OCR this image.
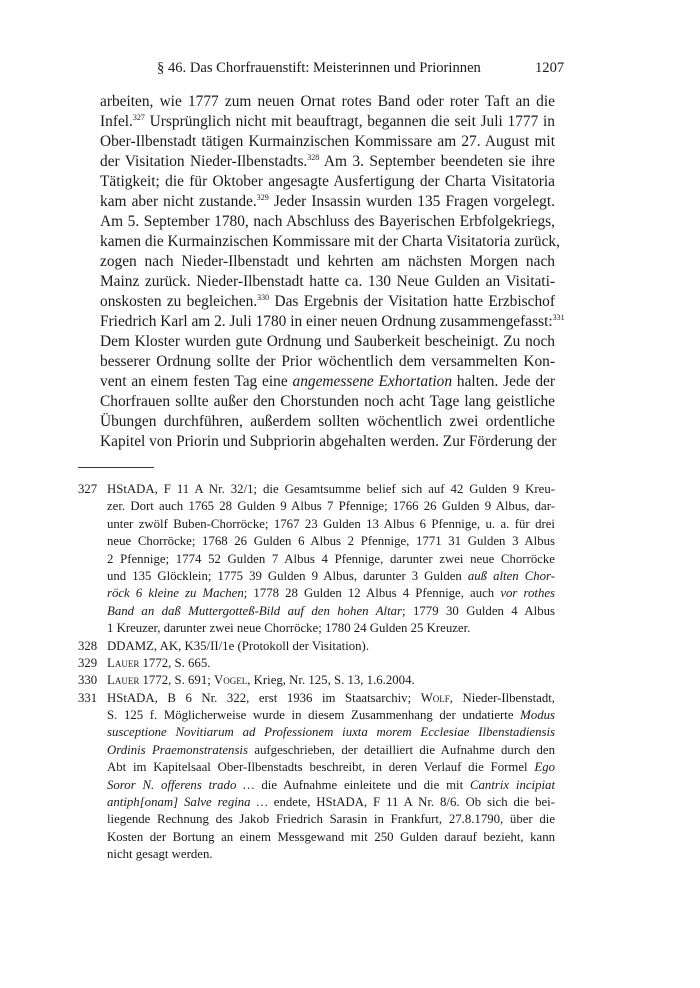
§ 46. Das Chorfrauenstift: Meisterinnen und Priorinnen	1207
arbeiten, wie 1777 zum neuen Ornat rotes Band oder roter Taft an die
Infel.$^{327}$ Ursprünglich nicht mit beauftragt, begannen die seit Juli 1777 in
Ober-Ilbenstadt tätigen Kurmainzischen Kommissare am 27. August mit
der Visitation Nieder-Ilbenstadts.$^{328}$ Am 3. September beendeten sie ihre
Tätigkeit; die für Oktober angesagte Ausfertigung der Charta Visitatoria
kam aber nicht zustande.$^{329}$ Jeder Insassin wurden 135 Fragen vorgelegt.
Am 5. September 1780, nach Abschluss des Bayerischen Erbfolgekriegs,
kamen die Kurmainzischen Kommissare mit der Charta Visitatoria zurück,
zogen nach Nieder-Ilbenstadt und kehrten am nächsten Morgen nach
Mainz zurück. Nieder-Ilbenstadt hatte ca. 130 Neue Gulden an Visitati-
onskosten zu begleichen.$^{330}$ Das Ergebnis der Visitation hatte Erzbischof
Friedrich Karl am 2. Juli 1780 in einer neuen Ordnung zusammengefasst:$^{331}$
Dem Kloster wurden gute Ordnung und Sauberkeit bescheinigt. Zu noch
besserer Ordnung sollte der Prior wöchentlich dem versammelten Kon-
vent an einem festen Tag eine angemessene Exhortation halten. Jede der
Chorfrauen sollte außer den Chorstunden noch acht Tage lang geistliche
Übungen durchführen, außerdem sollten wöchentlich zwei ordentliche
Kapitel von Priorin und Subpriorin abgehalten werden. Zur Förderung der
327 HStADA, F 11 A Nr. 32/1; die Gesamtsumme belief sich auf 42 Gulden 9 Kreu-
zer. Dort auch 1765 28 Gulden 9 Albus 7 Pfennige; 1766 26 Gulden 9 Albus, dar-
unter zwölf Buben-Chorröcke; 1767 23 Gulden 13 Albus 6 Pfennige, u. a. für drei
neue Chorröcke; 1768 26 Gulden 6 Albus 2 Pfennige, 1771 31 Gulden 3 Albus
2 Pfennige; 1774 52 Gulden 7 Albus 4 Pfennige, darunter zwei neue Chorröcke
und 135 Glöcklein; 1775 39 Gulden 9 Albus, darunter 3 Gulden auß alten Chor-
röck 6 kleine zu Machen; 1778 28 Gulden 12 Albus 4 Pfennige, auch vor rothes
Band an daß Muttergotteß-Bild auf den hohen Altar; 1779 30 Gulden 4 Albus
1 Kreuzer, darunter zwei neue Chorröcke; 1780 24 Gulden 25 Kreuzer.
328 DDAMZ, AK, K35/II/1e (Protokoll der Visitation).
329 Lauer 1772, S. 665.
330 Lauer 1772, S. 691; Vogel, Krieg, Nr. 125, S. 13, 1.6.2004.
331 HStADA, B 6 Nr. 322, erst 1936 im Staatsarchiv; Wolf, Nieder-Ilbenstadt,
S. 125 f. Möglicherweise wurde in diesem Zusammenhang der undatierte Modus
susceptione Novitiarum ad Professionem iuxta morem Ecclesiae Ilbenstadiensis
Ordinis Praemonstratensis aufgeschrieben, der detailliert die Aufnahme durch den
Abt im Kapitelsaal Ober-Ilbenstadts beschreibt, in deren Verlauf die Formel Ego
Soror N. offerens trado … die Aufnahme einleitete und die mit Cantrix incipiat
antiph[onam] Salve regina … endete, HStADA, F 11 A Nr. 8/6. Ob sich die bei-
liegende Rechnung des Jakob Friedrich Sarasin in Frankfurt, 27.8.1790, über die
Kosten der Bortung an einem Messgewand mit 250 Gulden darauf bezieht, kann
nicht gesagt werden.
